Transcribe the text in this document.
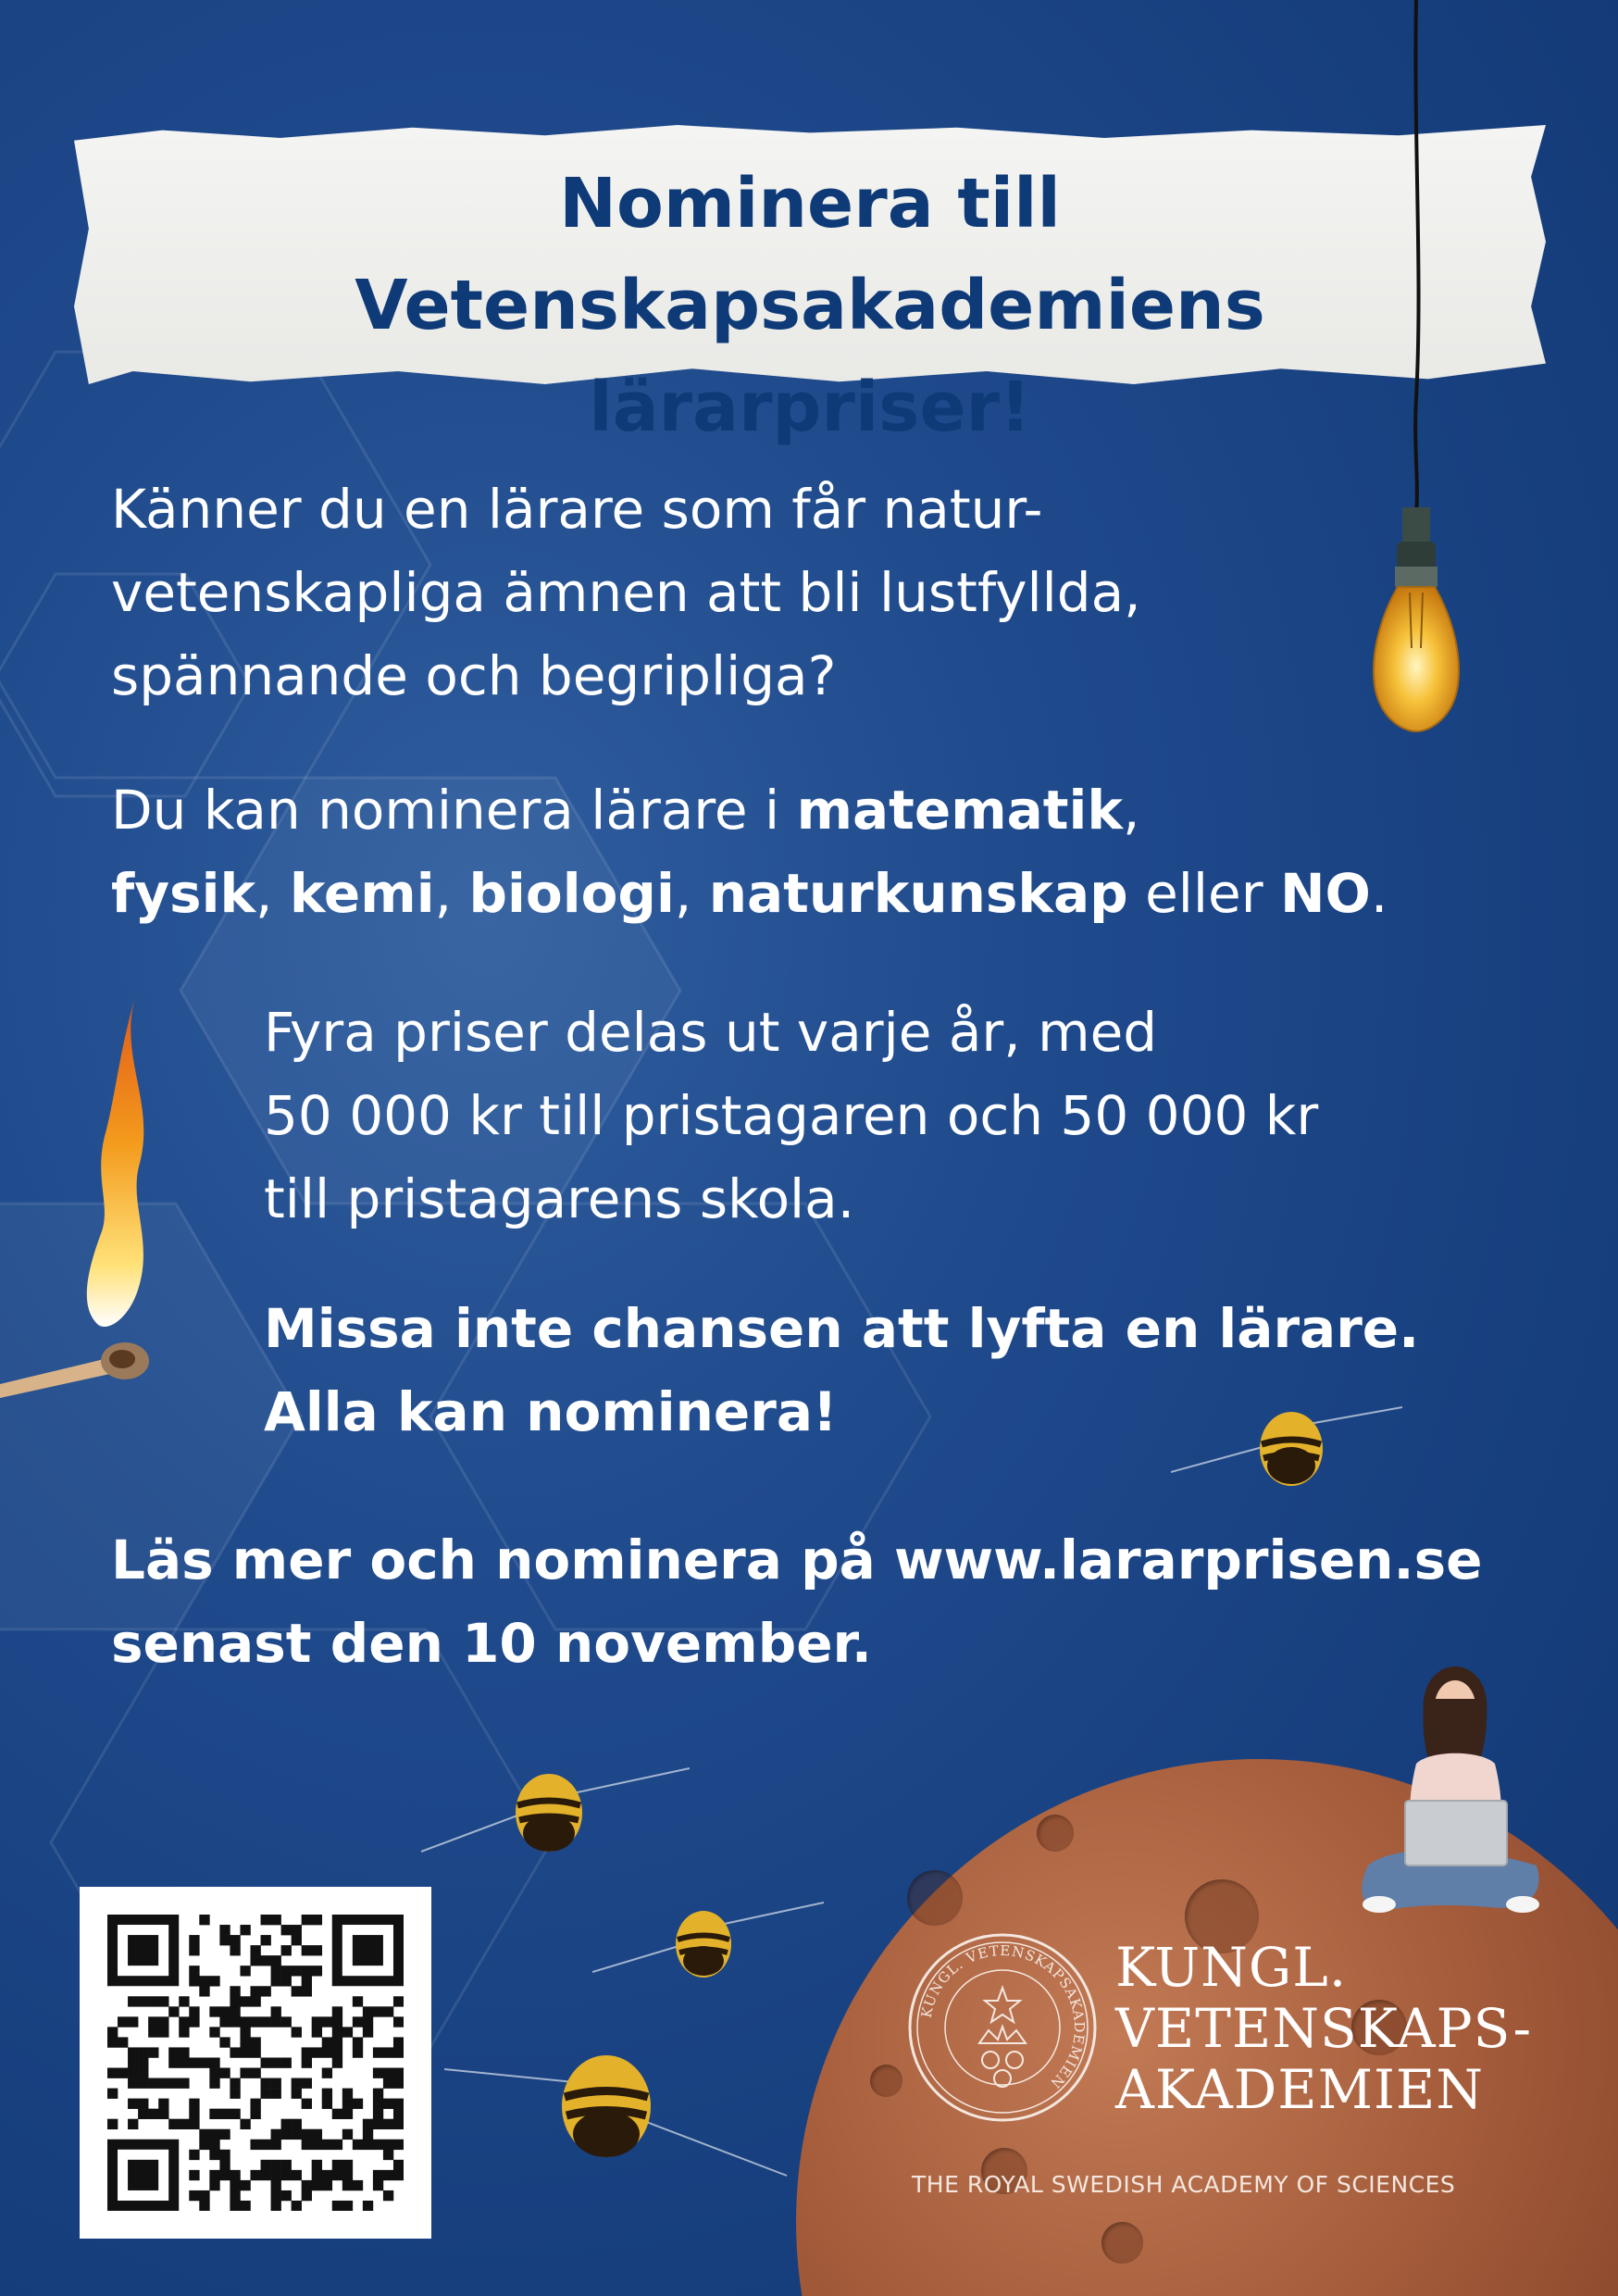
Nominera till Vetenskapsakademiens
lärarpriser!
Känner du en lärare som får natur-
vetenskapliga ämnen att bli lustfyllda,
spännande och begripliga?
Du kan nominera lärare i matematik,
fysik, kemi, biologi, naturkunskap eller NO.
Fyra priser delas ut varje år, med
50 000 kr till pristagaren och 50 000 kr
till pristagarens skola.
Missa inte chansen att lyfta en lärare.
Alla kan nominera!
Läs mer och nominera på www.lararprisen.se
senast den 10 november.
KUNGL. VETENSKAPSAKADEMIEN
KUNGL.
VETENSKAPS-
AKADEMIEN
THE ROYAL SWEDISH ACADEMY OF SCIENCES
